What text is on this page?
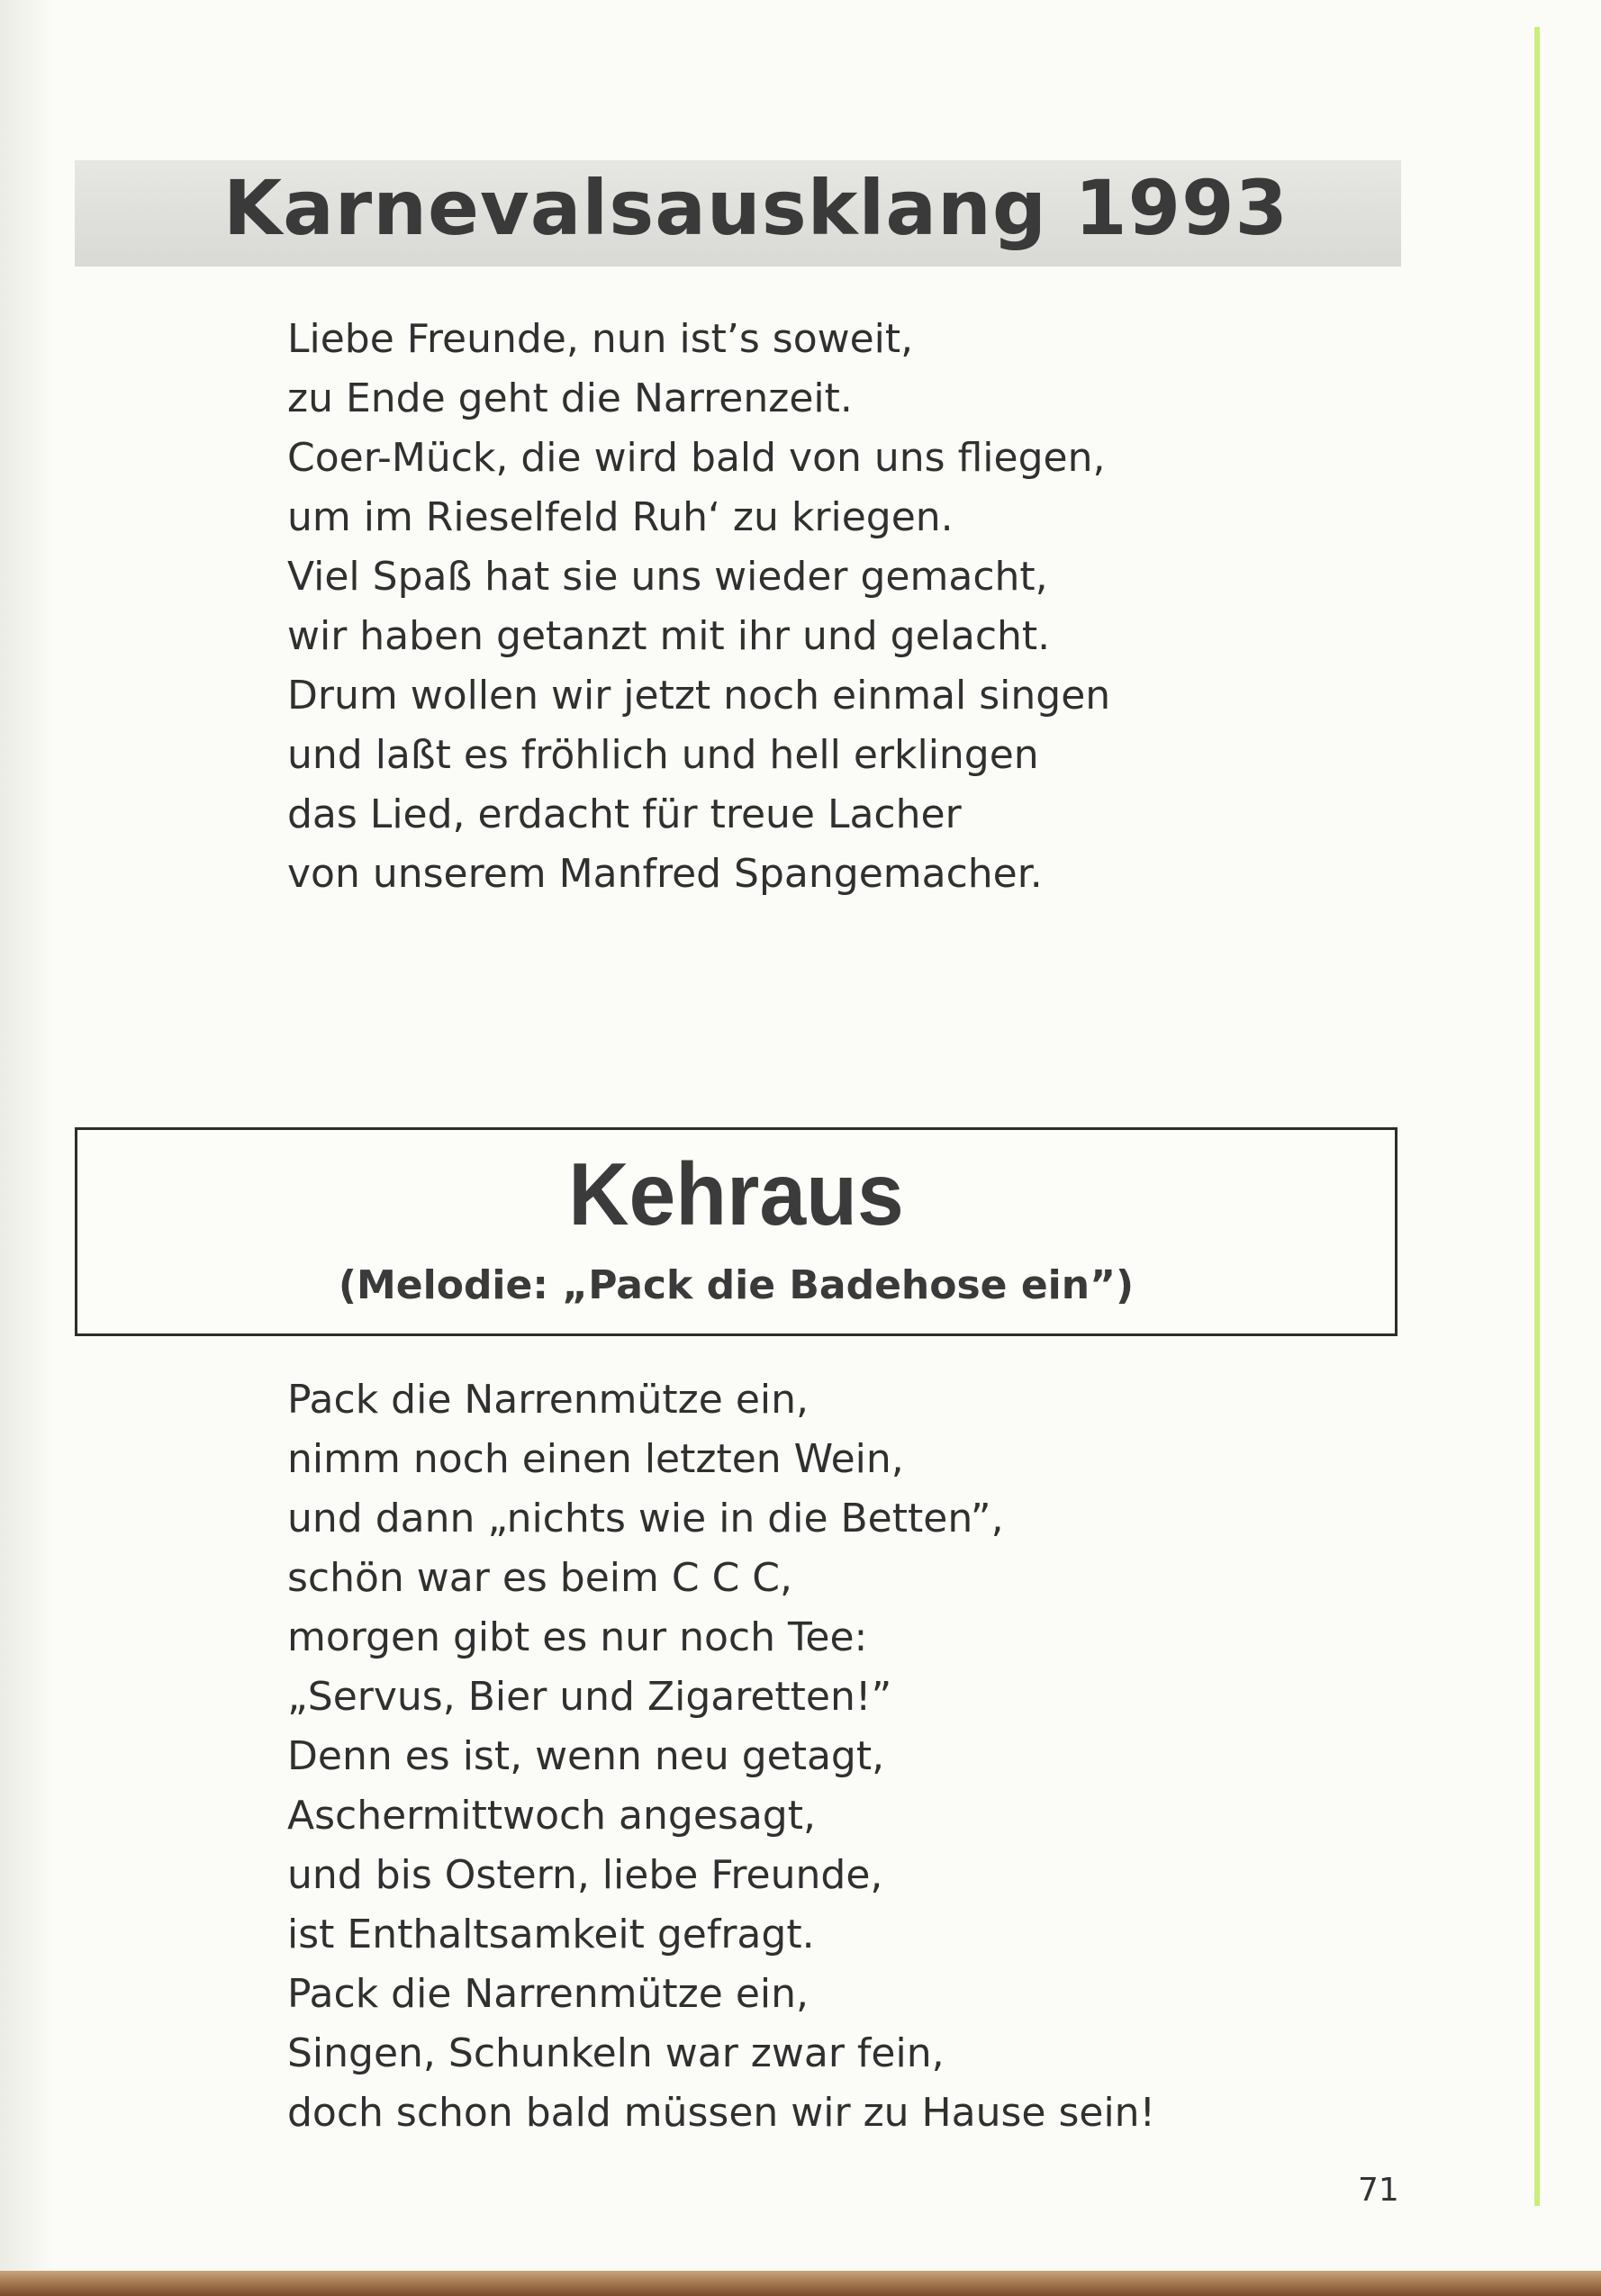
Karnevalsausklang 1993
Liebe Freunde, nun ist’s soweit,
zu Ende geht die Narrenzeit.
Coer-Mück, die wird bald von uns fliegen,
um im Rieselfeld Ruh‘ zu kriegen.
Viel Spaß hat sie uns wieder gemacht,
wir haben getanzt mit ihr und gelacht.
Drum wollen wir jetzt noch einmal singen
und laßt es fröhlich und hell erklingen
das Lied, erdacht für treue Lacher
von unserem Manfred Spangemacher.
Kehraus

(Melodie: „Pack die Badehose ein”)

Pack die Narrenmütze ein,
nimm noch einen letzten Wein,
und dann „nichts wie in die Betten”,
schön war es beim C C C,
morgen gibt es nur noch Tee:
„Servus, Bier und Zigaretten!”
Denn es ist, wenn neu getagt,
Aschermittwoch angesagt,
und bis Ostern, liebe Freunde,
ist Enthaltsamkeit gefragt.
Pack die Narrenmütze ein,
Singen, Schunkeln war zwar fein,
doch schon bald müssen wir zu Hause sein!
71
